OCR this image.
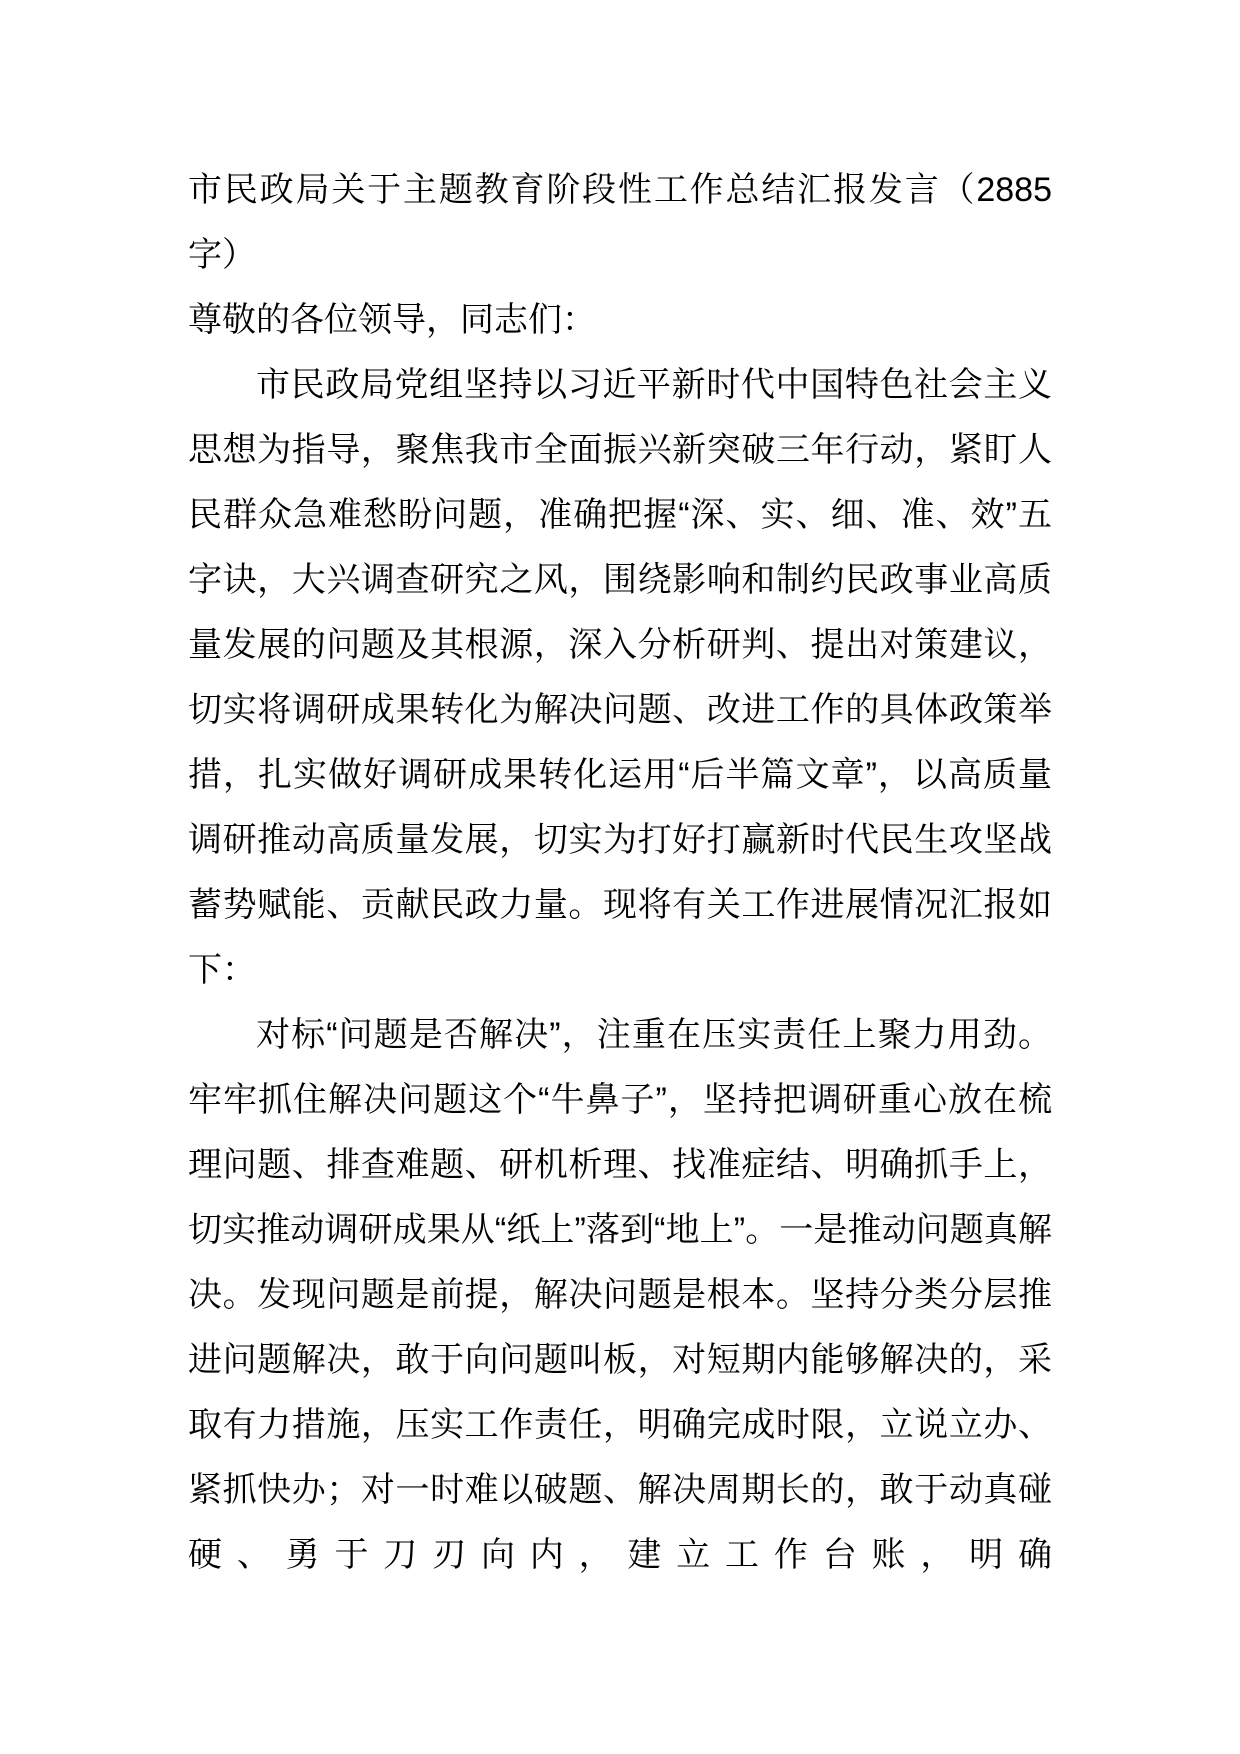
市民政局关于主题教育阶段性工作总结汇报发言（2885字）

尊敬的各位领导，同志们：

市民政局党组坚持以习近平新时代中国特色社会主义思想为指导，聚焦我市全面振兴新突破三年行动，紧盯人民群众急难愁盼问题，准确把握“深、实、细、准、效”五字诀，大兴调查研究之风，围绕影响和制约民政事业高质量发展的问题及其根源，深入分析研判、提出对策建议，切实将调研成果转化为解决问题、改进工作的具体政策举措，扎实做好调研成果转化运用“后半篇文章”，以高质量调研推动高质量发展，切实为打好打赢新时代民生攻坚战蓄势赋能、贡献民政力量。现将有关工作进展情况汇报如下：

对标“问题是否解决”，注重在压实责任上聚力用劲。牢牢抓住解决问题这个“牛鼻子”，坚持把调研重心放在梳理问题、排查难题、研机析理、找准症结、明确抓手上，切实推动调研成果从“纸上”落到“地上”。一是推动问题真解决。发现问题是前提，解决问题是根本。坚持分类分层推进问题解决，敢于向问题叫板，对短期内能够解决的，采取有力措施，压实工作责任，明确完成时限，立说立办、紧抓快办；对一时难以破题、解决周期长的，敢于动真碰硬、勇于刀刃向内，建立工作台账，明确
